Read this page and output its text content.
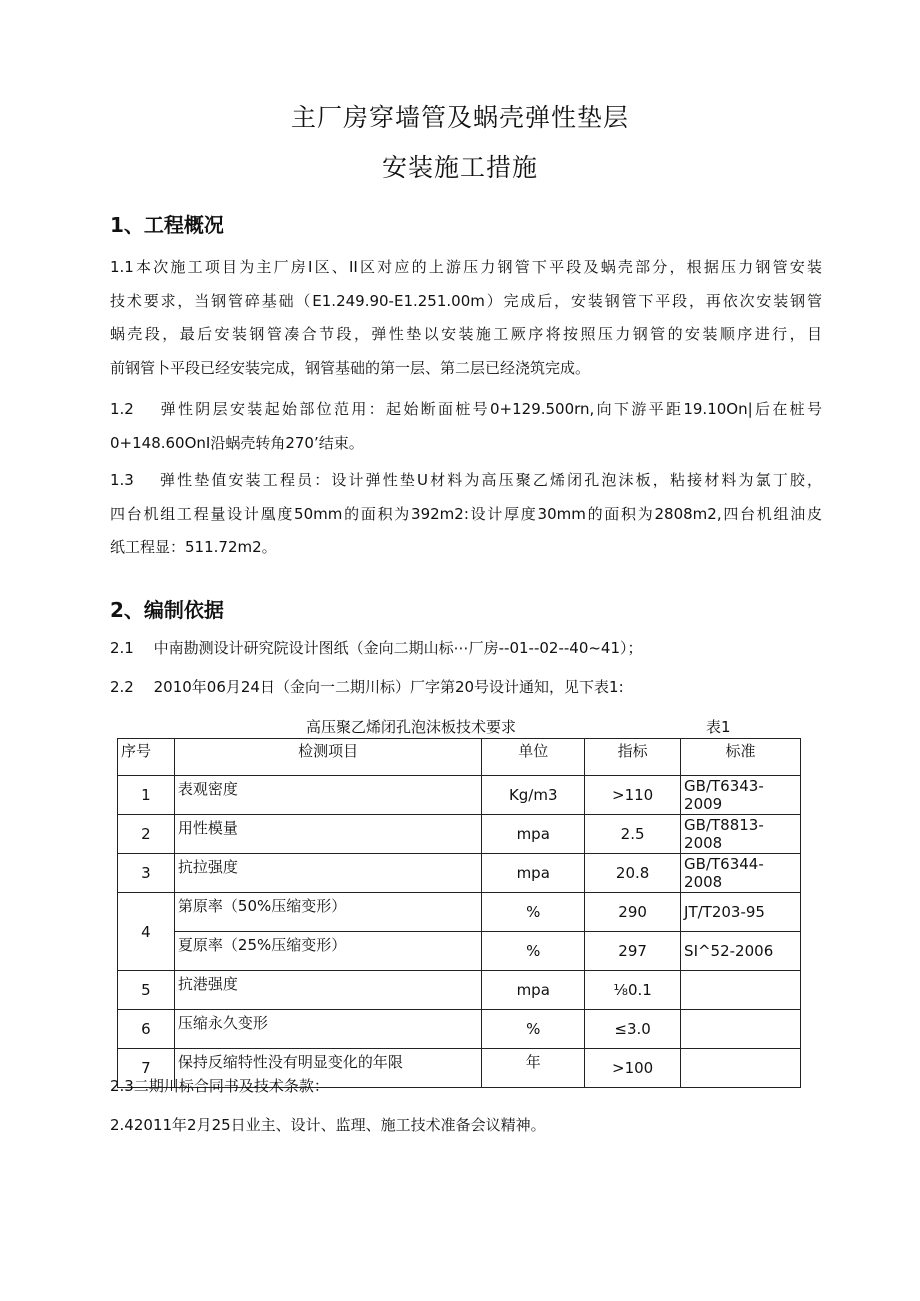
主厂房穿墙管及蜗壳弹性垫层
安装施工措施
1、工程概况
1.1本次施工项目为主厂房I区、II区对应的上游压力钢管下平段及蜗壳部分，根据压力钢管安装
技术要求，当钢管碎基础（E1.249.90-E1.251.00m）完成后，安装钢管下平段，再依次安装钢管
蜗壳段，最后安装钢管凑合节段，弹性垫以安装施工厥序将按照压力钢管的安装顺序进行，目
前钢管卜平段已经安装完成，钢管基础的第一层、第二层已经浇筑完成。
1.2　 弹性阴层安装起始部位范用：起始断面桩号0+129.500rn,向下游平距19.10On|后在桩号
0+148.60OnI沿蜗壳转角270’结束。
1.3　 弹性垫值安装工程员：设计弹性垫U材料为高压聚乙烯闭孔泡沫板，粘接材料为氯丁胶，
四台机组工程量设计凰度50mm的面积为392m2:设计厚度30mm的面积为2808m2,四台机组油皮
纸工程显：511.72m2。
2、编制依据
2.1　 中南勘测设计研究院设计图纸（金向二期山标⋯厂房--01--02--40~41）；
2.2　 2010年06月24日（金向一二期川标）厂字第20号设计通知，见下表1:
高压聚乙烯闭孔泡沫板技术要求	表1
序号	检测项目	单位	指标	标准
1	表观密度	Kg∕m3	>110	GB/T6343-2009
2	用性模量	mpa	2.5	GB/T8813-2008
3	抗拉强度	mpa	20.8	GB/T6344-2008
4	第原率（50%压缩变形）	%	290	JT/T203-95
	夏原率（25%压缩变形）	%	297	SI^52-2006
5	抗港强度	mpa	⅛0.1	
6	压缩永久变形	%	≤3.0	
7	保持反缩特性没有明显变化的年限	年	>100	
2.3二期川标合同书及技术条款：
2.42011年2月25日业主、设计、监理、施工技术准备会议精神。
